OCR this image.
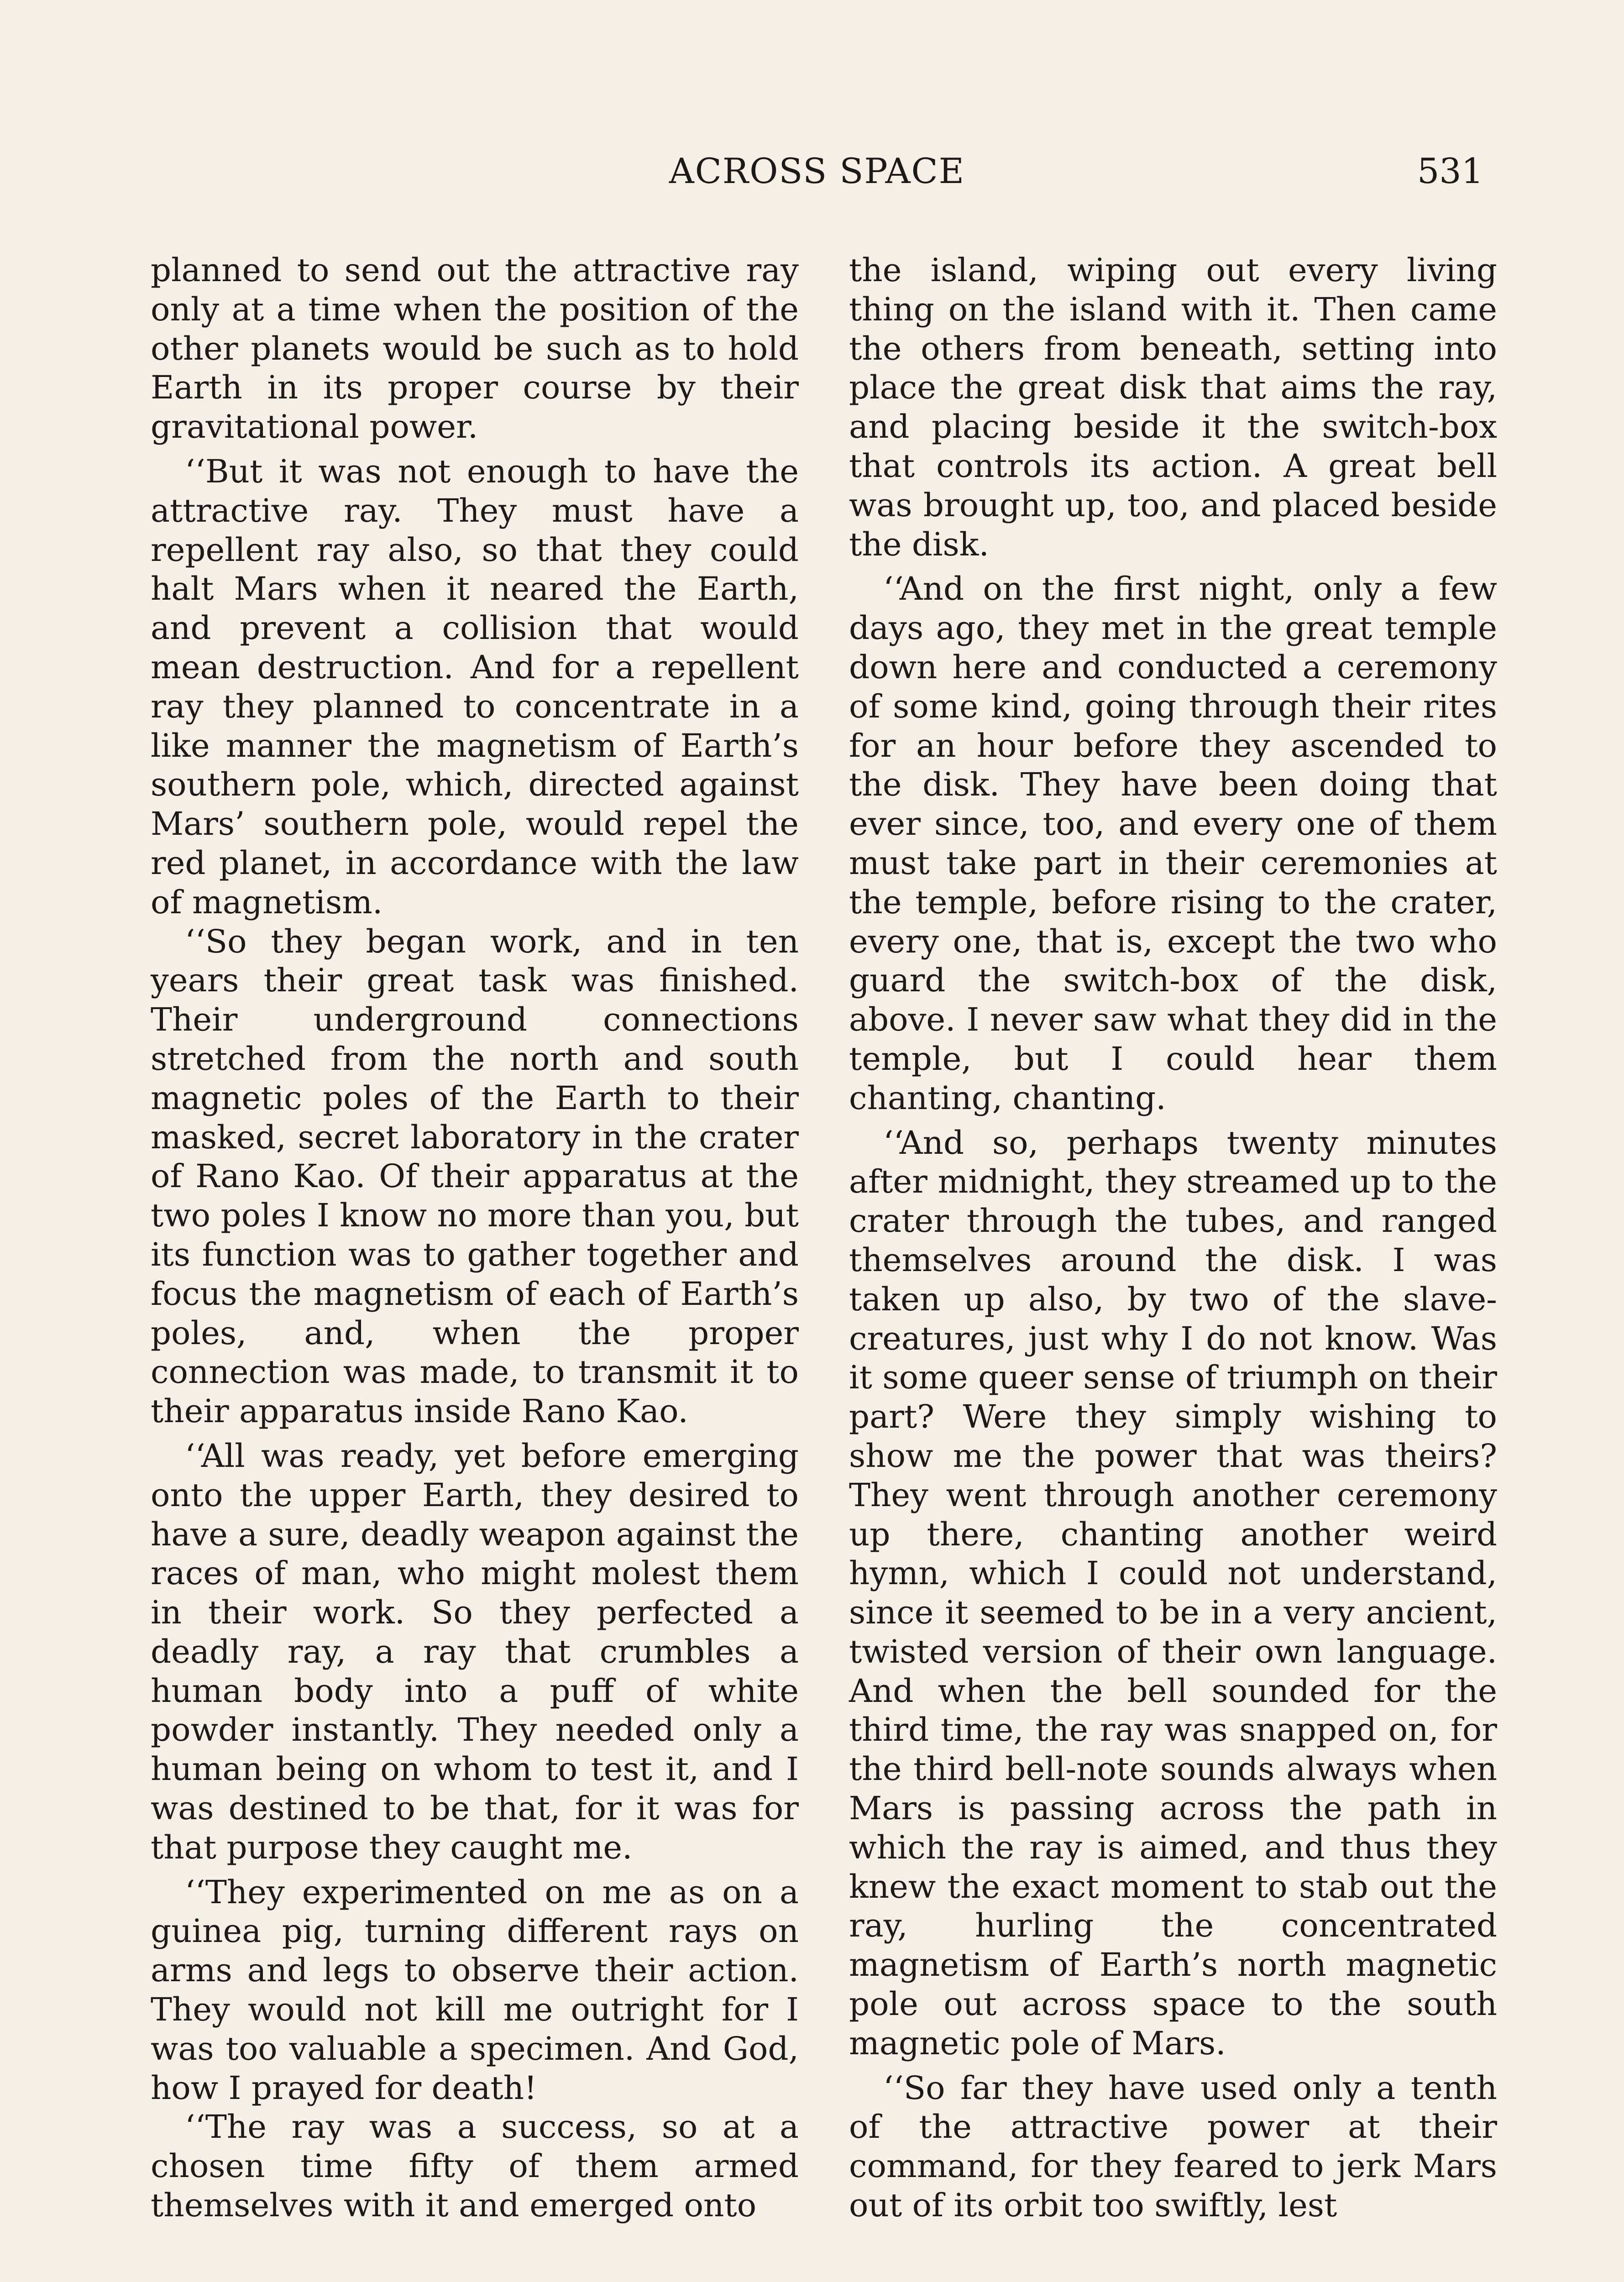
ACROSS SPACE	531

planned to send out the attractive ray only at a time when the position of the other planets would be such as to hold Earth in its proper course by their gravitational power.

‘‘But it was not enough to have the attractive ray. They must have a repellent ray also, so that they could halt Mars when it neared the Earth, and prevent a collision that would mean destruction. And for a repellent ray they planned to concentrate in a like manner the magnetism of Earth’s southern pole, which, directed against Mars’ southern pole, would repel the red planet, in accordance with the law of magnetism.

‘‘So they began work, and in ten years their great task was finished. Their underground connections stretched from the north and south magnetic poles of the Earth to their masked, secret laboratory in the crater of Rano Kao. Of their apparatus at the two poles I know no more than you, but its function was to gather together and focus the magnetism of each of Earth’s poles, and, when the proper connection was made, to transmit it to their apparatus inside Rano Kao.

‘‘All was ready, yet before emerging onto the upper Earth, they desired to have a sure, deadly weapon against the races of man, who might molest them in their work. So they perfected a deadly ray, a ray that crumbles a human body into a puff of white powder instantly. They needed only a human being on whom to test it, and I was destined to be that, for it was for that purpose they caught me.

‘‘They experimented on me as on a guinea pig, turning different rays on arms and legs to observe their action. They would not kill me outright for I was too valuable a specimen. And God, how I prayed for death!

‘‘The ray was a success, so at a chosen time fifty of them armed themselves with it and emerged onto

the island, wiping out every living thing on the island with it. Then came the others from beneath, setting into place the great disk that aims the ray, and placing beside it the switch-box that controls its action. A great bell was brought up, too, and placed beside the disk.

‘‘And on the first night, only a few days ago, they met in the great temple down here and conducted a ceremony of some kind, going through their rites for an hour before they ascended to the disk. They have been doing that ever since, too, and every one of them must take part in their ceremonies at the temple, before rising to the crater, every one, that is, except the two who guard the switch-box of the disk, above. I never saw what they did in the temple, but I could hear them chanting, chanting.

‘‘And so, perhaps twenty minutes after midnight, they streamed up to the crater through the tubes, and ranged themselves around the disk. I was taken up also, by two of the slave-creatures, just why I do not know. Was it some queer sense of triumph on their part? Were they simply wishing to show me the power that was theirs? They went through another ceremony up there, chanting another weird hymn, which I could not understand, since it seemed to be in a very ancient, twisted version of their own language. And when the bell sounded for the third time, the ray was snapped on, for the third bell-note sounds always when Mars is passing across the path in which the ray is aimed, and thus they knew the exact moment to stab out the ray, hurling the concentrated magnetism of Earth’s north magnetic pole out across space to the south magnetic pole of Mars.

‘‘So far they have used only a tenth of the attractive power at their command, for they feared to jerk Mars out of its orbit too swiftly, lest
